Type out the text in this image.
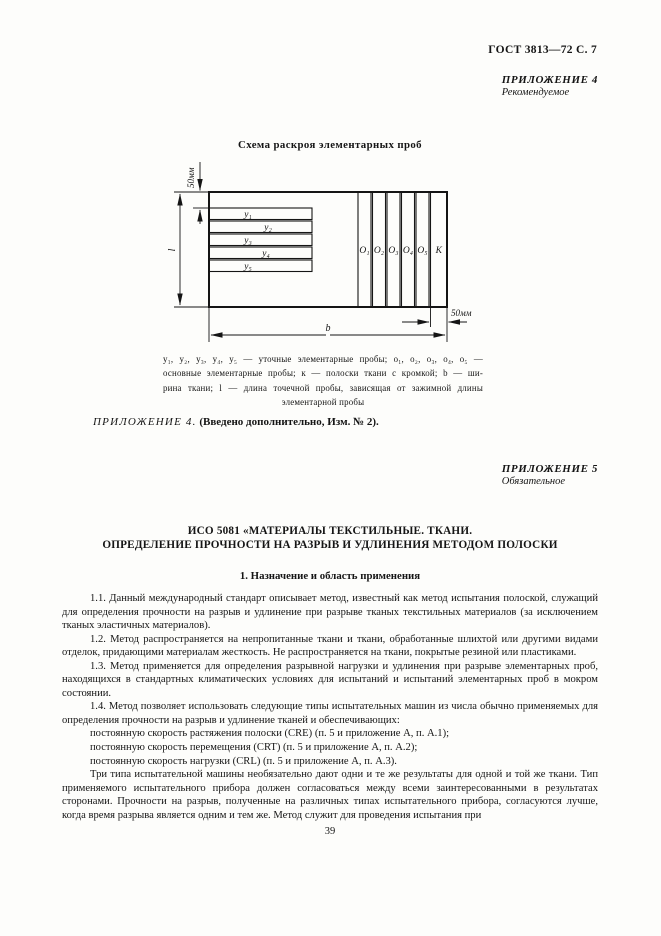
ГОСТ 3813—72 С. 7
ПРИЛОЖЕНИЕ 4
Рекомендуемое
Схема раскроя элементарных проб
у₁
у₂
у₃
у₄
у₅
О₁ О₂ О₃ О₄ О₅ К
b
l
50мм
50мм
у₁, у₂, у₃, у₄, у₅ — уточные элементарные пробы; о₁, о₂, о₃, о₄, о₅ —
основные элементарные пробы; к — полоски ткани с кромкой; b — ши-
рина ткани; l — длина точечной пробы, зависящая от зажимной длины
элементарной пробы
ПРИЛОЖЕНИЕ 4. (Введено дополнительно, Изм. № 2).
ПРИЛОЖЕНИЕ 5
Обязательное
ИСО 5081 «МАТЕРИАЛЫ ТЕКСТИЛЬНЫЕ. ТКАНИ.
ОПРЕДЕЛЕНИЕ ПРОЧНОСТИ НА РАЗРЫВ И УДЛИНЕНИЯ МЕТОДОМ ПОЛОСКИ
1. Назначение и область применения

1.1. Данный международный стандарт описывает метод, известный как метод испытания полоской, служащий для определения прочности на разрыв и удлинение при разрыве тканых текстильных материалов (за исключением тканых эластичных материалов).

1.2. Метод распространяется на непропитанные ткани и ткани, обработанные шлихтой или другими видами отделок, придающими материалам жесткость. Не распространяется на ткани, покрытые резиной или пластиками.

1.3. Метод применяется для определения разрывной нагрузки и удлинения при разрыве элементарных проб, находящихся в стандартных климатических условиях для испытаний и испытаний элементарных проб в мокром состоянии.

1.4. Метод позволяет использовать следующие типы испытательных машин из числа обычно применяемых для определения прочности на разрыв и удлинение тканей и обеспечивающих:

постоянную скорость растяжения полоски (CRE) (п. 5 и приложение А, п. А.1);

постоянную скорость перемещения (CRT) (п. 5 и приложение А, п. А.2);

постоянную скорость нагрузки (CRL) (п. 5 и приложение А, п. А.3).

Три типа испытательной машины необязательно дают одни и те же результаты для одной и той же ткани. Тип применяемого испытательного прибора должен согласоваться между всеми заинтересованными в результатах сторонами. Прочности на разрыв, полученные на различных типах испытательного прибора, согласуются лучше, когда время разрыва является одним и тем же. Метод служит для проведения испытания при

39
